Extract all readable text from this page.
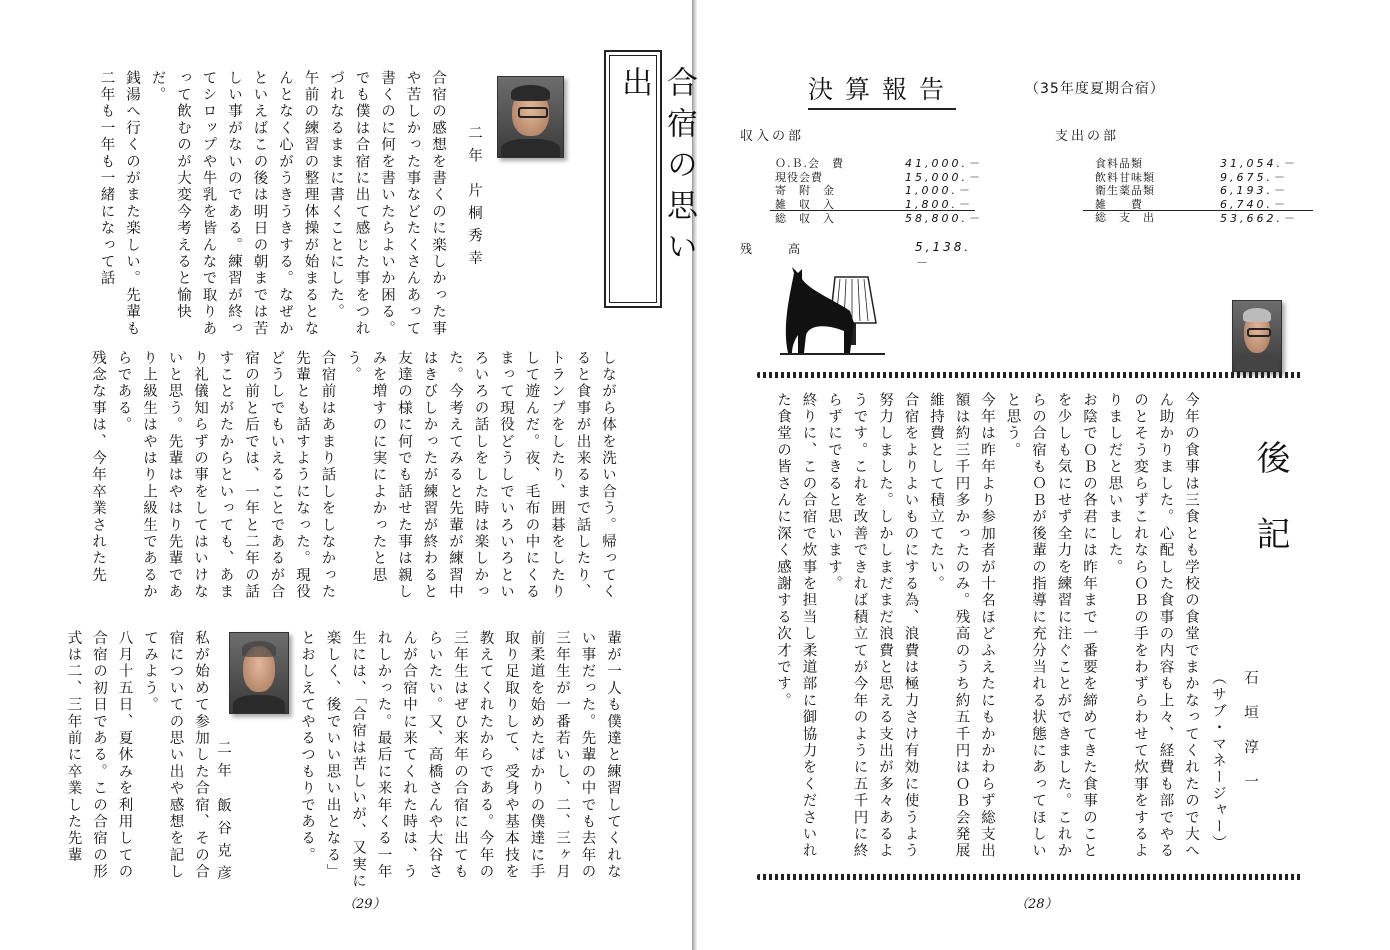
合宿の思い出
二年 片桐秀幸
合宿の感想を書くのに楽しかった事や苦しかった事などたくさんあって書くのに何を書いたらよいか困る。でも僕は合宿に出て感じた事をつれづれなるままに書くことにした。
午前の練習の整理体操が始まるとなんとなく心がうきうきする。なぜかといえばこの後は明日の朝までは苦しい事がないのである。練習が終ってシロップや牛乳を皆んなで取りあって飲むのが大変今考えると愉快だ。
銭湯へ行くのがまた楽しい。先輩も二年も一年も一緒になって話
しながら体を洗い合う。帰ってくると食事が出来るまで話したり、トランプをしたり、囲碁をしたりして遊んだ。夜、毛布の中にくるまって現役どうしでいろいろといろいろの話しをした時は楽しかった。今考えてみると先輩が練習中はきびしかったが練習が終わると友達の様に何でも話せた事は親しみを増すのに実によかったと思う。
合宿前はあまり話しをしなかった先輩とも話すようになった。現役どうしでもいえることであるが合宿の前と后では、一年と二年の話すことがたからといっても、あまり礼儀知らずの事をしてはいけないと思う。先輩はやはり先輩であり上級生はやはり上級生であるからである。
残念な事は、今年卒業された先
輩が一人も僕達と練習してくれない事だった。先輩の中でも去年の三年生が一番若いし、二、三ヶ月前柔道を始めたばかりの僕達に手取り足取りして、受身や基本技を教えてくれたからである。今年の三年生はぜひ来年の合宿に出てもらいたい。又、高橋さんや大谷さんが合宿中に来てくれた時は、うれしかった。最后に来年くる一年生には、「合宿は苦しいが、又実に楽しく、後でいい思い出となる」とおしえてやるつもりである。
二年 飯谷克彦
私が始めて参加した合宿、その合宿についての思い出や感想を記してみよう。
八月十五日、夏休みを利用しての合宿の初日である。この合宿の形式は二、三年前に卒業した先輩
（29）
決算報告	（35年度夏期合宿）
収入の部	支出の部
Ｏ.Ｂ.会　費	41,000.－
現役会費	15,000.－
寄　附　金	1,000.－
雑　収　入	1,800.－
総　収　入	58,800.－
食料品類	31,054.－
飲料甘味類	9,675.－
衛生薬品類	6,193.－
雑　　費	6,740.－
総　支　出	53,662.－
残　　高	5,138.－
後記
石垣淳一
（サブ・マネージャー）
今年の食事は三食とも学校の食堂でまかなってくれたので大へん助かりました。心配した食事の内容も上々、経費も部でやるのとそう変らずこれならＯＢの手をわずらわせて炊事をするよりましだと思いました。
お陰でＯＢの各君には昨年まで一番要を締めてきた食事のことを少しも気にせず全力を練習に注ぐことができました。これからの合宿もＯＢが後輩の指導に充分当れる状態にあってほしいと思う。
今年は昨年より参加者が十名ほどふえたにもかかわらず総支出額は約三千円多かったのみ。残高のうち約五千円はＯＢ会発展維持費として積立てたい。
合宿をよりよいものにする為、浪費は極力さけ有効に使うよう努力しました。しかしまだまだ浪費と思える支出が多々あるようです。これを改善できれば積立てが今年のように五千円に終らずにできると思います。
終りに、この合宿で炊事を担当し柔道部に御協力をくださいれた食堂の皆さんに深く感謝する次才です。
（28）
